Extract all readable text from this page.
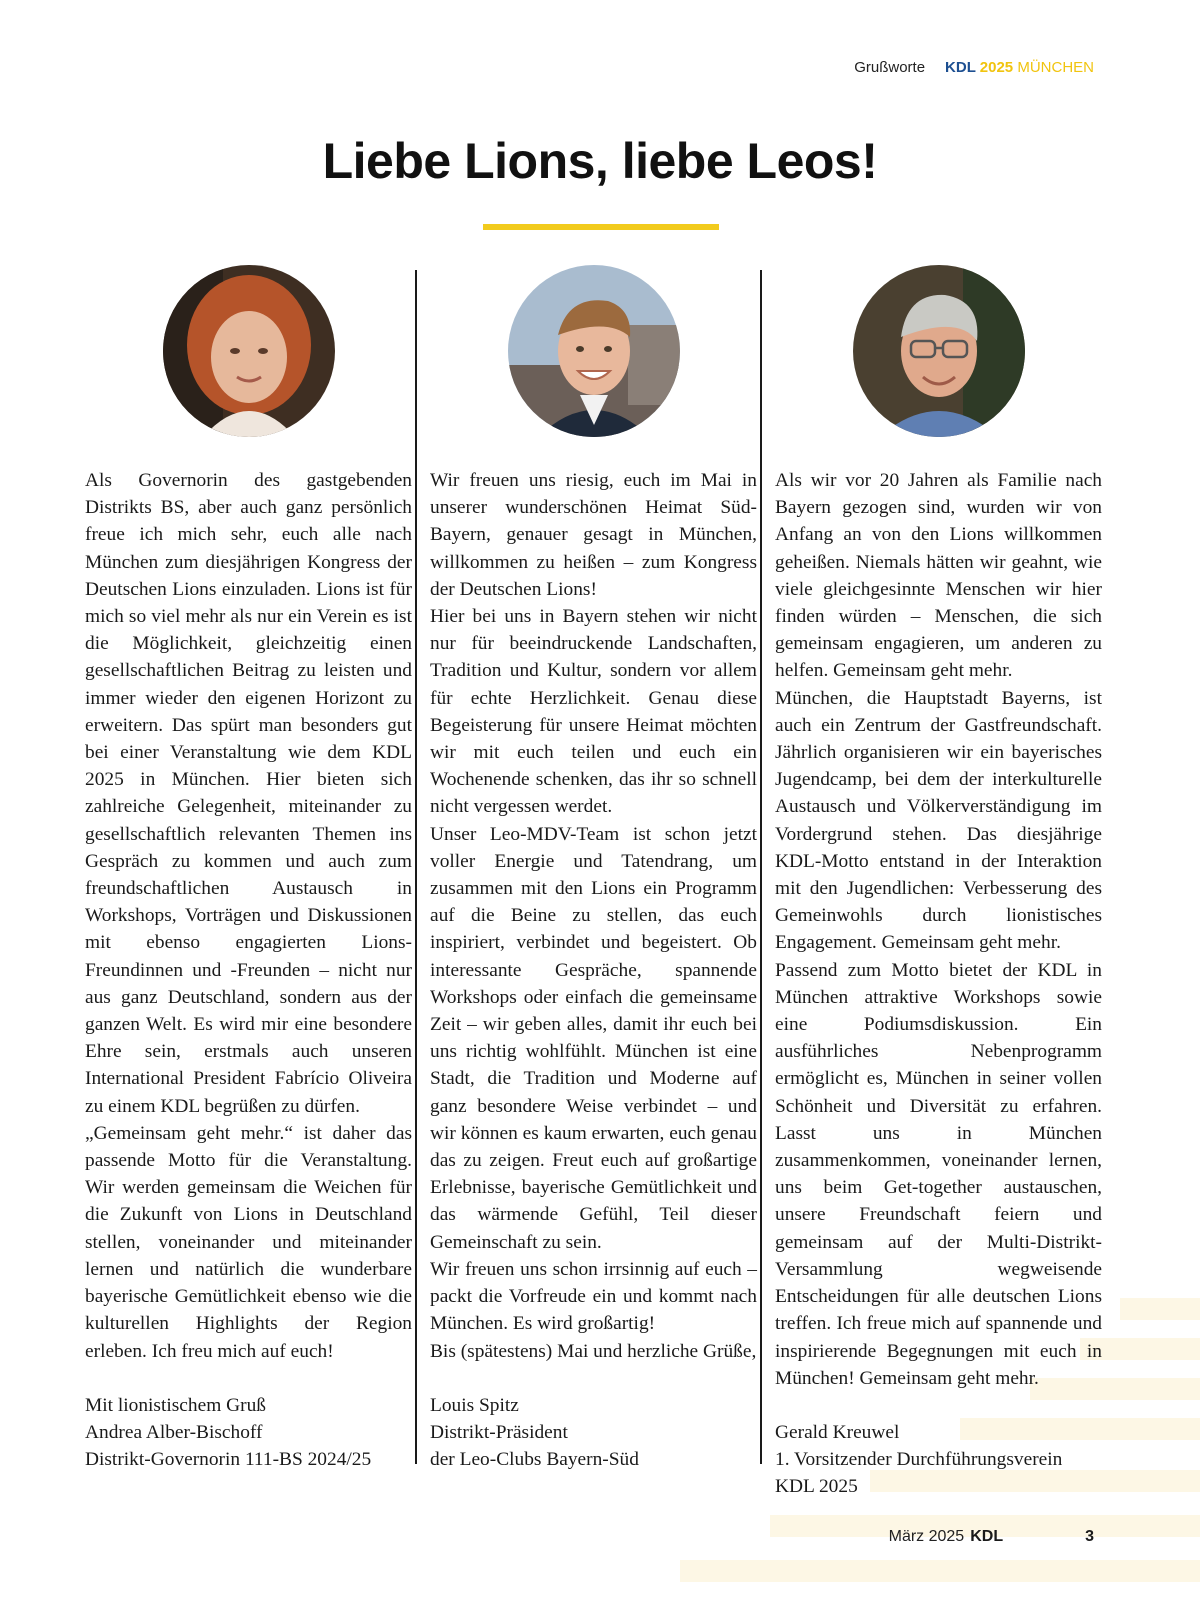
Grußworte KDL 2025 MÜNCHEN
Liebe Lions, liebe Leos!

Als Governorin des gastgebenden Distrikts BS, aber auch ganz persönlich freue ich mich sehr, euch alle nach München zum diesjährigen Kongress der Deutschen Lions einzuladen. Lions ist für mich so viel mehr als nur ein Verein es ist die Möglichkeit, gleichzeitig einen gesellschaftlichen Beitrag zu leisten und immer wieder den eigenen Horizont zu erweitern. Das spürt man besonders gut bei einer Veranstaltung wie dem KDL 2025 in München. Hier bieten sich zahlreiche Gelegenheit, miteinander zu gesellschaftlich relevanten Themen ins Gespräch zu kommen und auch zum freundschaftlichen Austausch in Workshops, Vorträgen und Diskussionen mit ebenso engagierten Lions-Freundinnen und -Freunden – nicht nur aus ganz Deutschland, sondern aus der ganzen Welt. Es wird mir eine besondere Ehre sein, erstmals auch unseren International President Fabrício Oliveira zu einem KDL begrüßen zu dürfen.

„Gemeinsam geht mehr.“ ist daher das passende Motto für die Veranstaltung. Wir werden gemeinsam die Weichen für die Zukunft von Lions in Deutschland stellen, voneinander und miteinander lernen und natürlich die wunderbare bayerische Gemütlichkeit ebenso wie die kulturellen Highlights der Region erleben. Ich freu mich auf euch!

Mit lionistischem Gruß
Andrea Alber-Bischoff
Distrikt-Governorin 111-BS 2024/25

Wir freuen uns riesig, euch im Mai in unserer wunderschönen Heimat Süd-Bayern, genauer gesagt in München, willkommen zu heißen – zum Kongress der Deutschen Lions!

Hier bei uns in Bayern stehen wir nicht nur für beeindruckende Landschaften, Tradition und Kultur, sondern vor allem für echte Herzlichkeit. Genau diese Begeisterung für unsere Heimat möchten wir mit euch teilen und euch ein Wochenende schenken, das ihr so schnell nicht vergessen werdet.

Unser Leo-MDV-Team ist schon jetzt voller Energie und Tatendrang, um zusammen mit den Lions ein Programm auf die Beine zu stellen, das euch inspiriert, verbindet und begeistert. Ob interessante Gespräche, spannende Workshops oder einfach die gemeinsame Zeit – wir geben alles, damit ihr euch bei uns richtig wohlfühlt. München ist eine Stadt, die Tradition und Moderne auf ganz besondere Weise verbindet – und wir können es kaum erwarten, euch genau das zu zeigen. Freut euch auf großartige Erlebnisse, bayerische Gemütlichkeit und das wärmende Gefühl, Teil dieser Gemeinschaft zu sein.

Wir freuen uns schon irrsinnig auf euch – packt die Vorfreude ein und kommt nach München. Es wird großartig!

Bis (spätestens) Mai und herzliche Grüße,

Louis Spitz
Distrikt-Präsident
der Leo-Clubs Bayern-Süd

Als wir vor 20 Jahren als Familie nach Bayern gezogen sind, wurden wir von Anfang an von den Lions willkommen geheißen. Niemals hätten wir geahnt, wie viele gleichgesinnte Menschen wir hier finden würden – Menschen, die sich gemeinsam engagieren, um anderen zu helfen. Gemeinsam geht mehr.

München, die Hauptstadt Bayerns, ist auch ein Zentrum der Gastfreundschaft. Jährlich organisieren wir ein bayerisches Jugendcamp, bei dem der interkulturelle Austausch und Völkerverständigung im Vordergrund stehen. Das diesjährige KDL-Motto entstand in der Interaktion mit den Jugendlichen: Verbesserung des Gemeinwohls durch lionistisches Engagement. Gemeinsam geht mehr.

Passend zum Motto bietet der KDL in München attraktive Workshops sowie eine Podiumsdiskussion. Ein ausführliches Nebenprogramm ermöglicht es, München in seiner vollen Schönheit und Diversität zu erfahren. Lasst uns in München zusammenkommen, voneinander lernen, uns beim Get-together austauschen, unsere Freundschaft feiern und gemeinsam auf der Multi-Distrikt-Versammlung wegweisende Entscheidungen für alle deutschen Lions treffen. Ich freue mich auf spannende und inspirierende Begegnungen mit euch in München! Gemeinsam geht mehr.

Gerald Kreuwel
1. Vorsitzender Durchführungsverein
KDL 2025
März 2025 KDL	3
